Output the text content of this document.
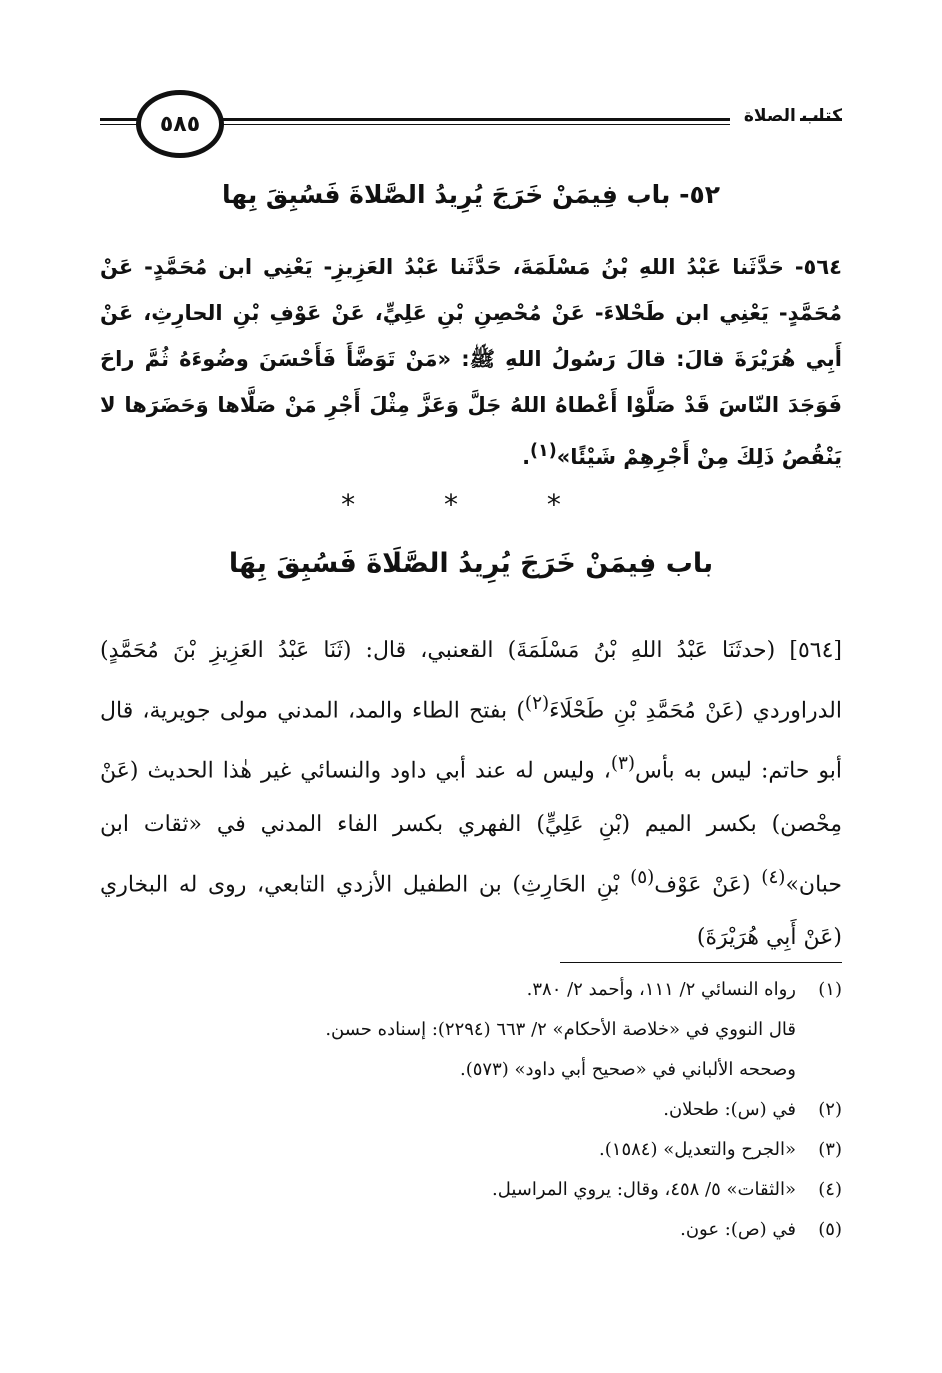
٥٨٥	كتاب الصلاة
٥٢- باب فِيمَنْ خَرَجَ يُرِيدُ الصَّلاةَ فَسُبِقَ بِها
٥٦٤- حَدَّثَنا عَبْدُ اللهِ بْنُ مَسْلَمَةَ، حَدَّثَنا عَبْدُ العَزِيزِ- يَعْنِي ابن مُحَمَّدٍ- عَنْ مُحَمَّدٍ- يَعْنِي ابن طَحْلاءَ- عَنْ مُحْصِنِ بْنِ عَلِيٍّ، عَنْ عَوْفِ بْنِ الحارِثِ، عَنْ أَبِي هُرَيْرَةَ قالَ: قالَ رَسُولُ اللهِ ﷺ: «مَنْ تَوَضَّأَ فَأَحْسَنَ وضُوءَهُ ثُمَّ راحَ فَوَجَدَ النّاسَ قَدْ صَلَّوْا أَعْطاهُ اللهُ جَلَّ وَعَزَّ مِثْلَ أَجْرِ مَنْ صَلَّاها وَحَضَرَها لا يَنْقُصُ ذَلِكَ مِنْ أَجْرِهِمْ شَيْئًا»$^{(١)}$.
* * *
باب فِيمَنْ خَرَجَ يُرِيدُ الصَّلَاةَ فَسُبِقَ بِهَا
[٥٦٤] (حدثَنَا عَبْدُ اللهِ بْنُ مَسْلَمَةَ) القعنبي، قال: (ثَنَا عَبْدُ العَزِيزِ بْنَ مُحَمَّدٍ) الدراوردي (عَنْ مُحَمَّدِ بْنِ طَحْلَاءَ$^{(٢)}$) بفتح الطاء والمد، المدني مولى جويرية، قال أبو حاتم: ليس به بأس$^{(٣)}$، وليس له عند أبي داود والنسائي غير هٰذا الحديث (عَنْ مِحْصن) بكسر الميم (بْنِ عَلِيٍّ) الفهري بكسر الفاء المدني في «ثقات ابن حبان»$^{(٤)}$ (عَنْ عَوْف$^{(٥)}$ بْنِ الحَارِثِ) بن الطفيل الأزدي التابعي، روى له البخاري (عَنْ أَبِي هُرَيْرَةَ)
(١)
رواه النسائي ٢/ ١١١، وأحمد ٢/ ٣٨٠.
قال النووي في «خلاصة الأحكام» ٢/ ٦٦٣ (٢٢٩٤): إسناده حسن.
وصححه الألباني في «صحيح أبي داود» (٥٧٣).
(٢)
في (س): طحلان.
(٣)
«الجرح والتعديل» (١٥٨٤).
(٤)
«الثقات» ٥/ ٤٥٨، وقال: يروي المراسيل.
(٥)
في (ص): عون.
